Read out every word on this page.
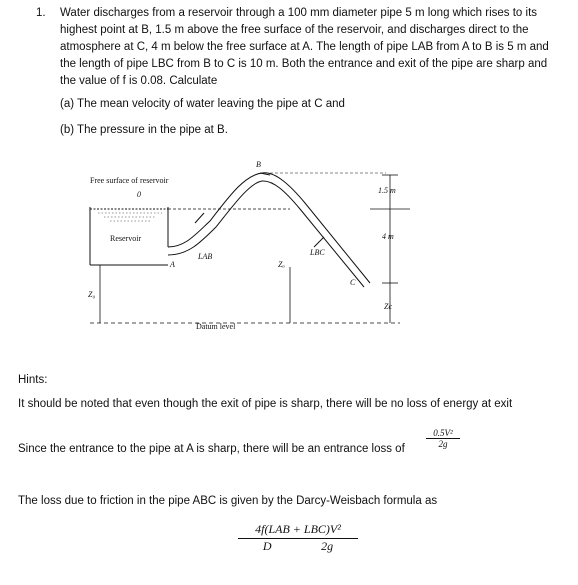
1. Water discharges from a reservoir through a 100 mm diameter pipe 5 m long which rises to its highest point at B, 1.5 m above the free surface of the reservoir, and discharges direct to the atmosphere at C, 4 m below the free surface at A. The length of pipe LAB from A to B is 5 m and the length of pipe LBC from B to C is 10 m. Both the entrance and exit of the pipe are sharp and the value of f is 0.08. Calculate
(a) The mean velocity of water leaving the pipe at C and
(b) The pressure in the pipe at B.
Free surface of reservoir
0
Reservoir
A
B
C
Z₀
Zₐ
Zc
LAB	LBC
1.5 m
4 m
Datum level
Hints:
It should be noted that even though the exit of pipe is sharp, there will be no loss of energy at exit
Since the entrance to the pipe at A is sharp, there will be an entrance loss of $\frac{\text{0.5V²}}{2g}$
The loss due to friction in the pipe ABC is given by the Darcy-Weisbach formula as
4f(LAB + LBC)V²
D	2g
